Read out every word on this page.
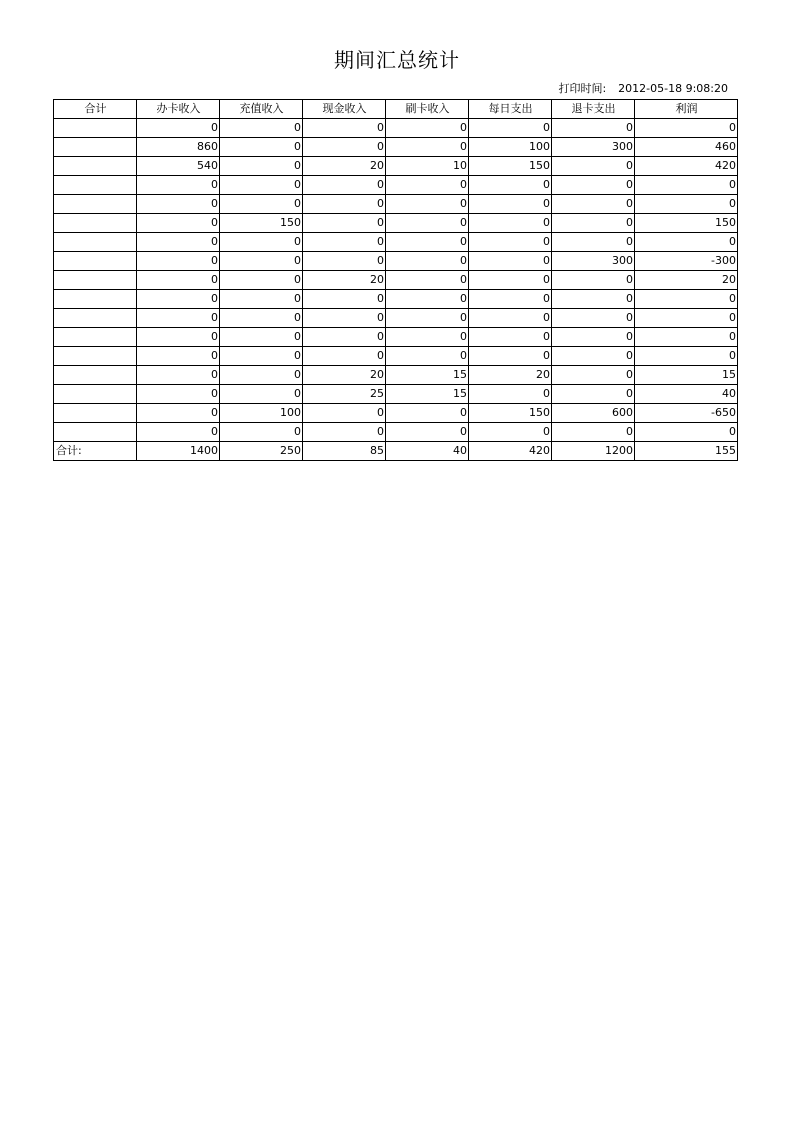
期间汇总统计
打印时间: 2012-05-18 9:08:20
合计	办卡收入	充值收入	现金收入	刷卡收入	每日支出	退卡支出	利润
	0	0	0	0	0	0	0
	860	0	0	0	100	300	460
	540	0	20	10	150	0	420
	0	0	0	0	0	0	0
	0	0	0	0	0	0	0
	0	150	0	0	0	0	150
	0	0	0	0	0	0	0
	0	0	0	0	0	300	-300
	0	0	20	0	0	0	20
	0	0	0	0	0	0	0
	0	0	0	0	0	0	0
	0	0	0	0	0	0	0
	0	0	0	0	0	0	0
	0	0	20	15	20	0	15
	0	0	25	15	0	0	40
	0	100	0	0	150	600	-650
	0	0	0	0	0	0	0
合计:	1400	250	85	40	420	1200	155
